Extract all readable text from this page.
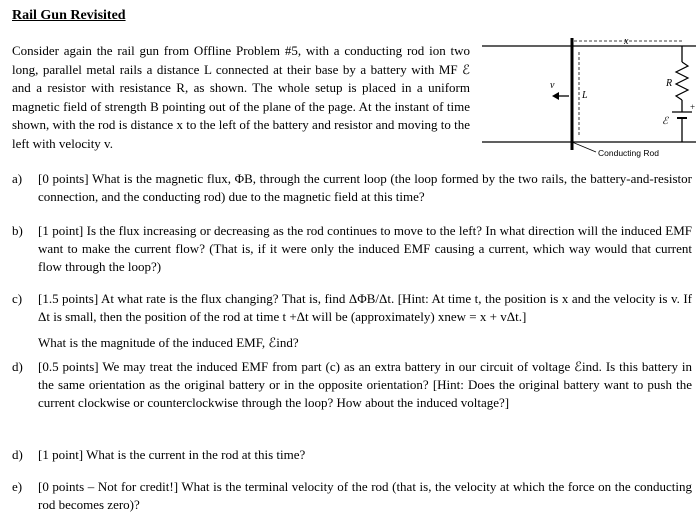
Rail Gun Revisited
Consider again the rail gun from Offline Problem #5, with a conducting rod ion two long, parallel metal rails a distance L connected at their base by a battery with MF ℰ and a resistor with resistance R, as shown. The whole setup is placed in a uniform magnetic field of strength B pointing out of the plane of the page. At the instant of time shown, with the rod is distance x to the left of the battery and resistor and moving to the left with velocity v.
x
v
L
R
ℰ
+
Conducting Rod
a)	[0 points] What is the magnetic flux, ΦB, through the current loop (the loop formed by the two rails, the battery-and-resistor connection, and the conducting rod) due to the magnetic field at this time?
b)	[1 point] Is the flux increasing or decreasing as the rod continues to move to the left? In what direction will the induced EMF want to make the current flow? (That is, if it were only the induced EMF causing a current, which way would that current flow through the loop?)
c)	[1.5 points] At what rate is the flux changing? That is, find ΔΦB/Δt. [Hint: At time t, the position is x and the velocity is v. If Δt is small, then the position of the rod at time t +Δt will be (approximately) xnew = x + vΔt.]
What is the magnitude of the induced EMF, ℰind?
d)	[0.5 points] We may treat the induced EMF from part (c) as an extra battery in our circuit of voltage ℰind. Is this battery in the same orientation as the original battery or in the opposite orientation? [Hint: Does the original battery want to push the current clockwise or counterclockwise through the loop? How about the induced voltage?]
d)	[1 point] What is the current in the rod at this time?
e)	[0 points – Not for credit!] What is the terminal velocity of the rod (that is, the velocity at which the force on the conducting rod becomes zero)?
